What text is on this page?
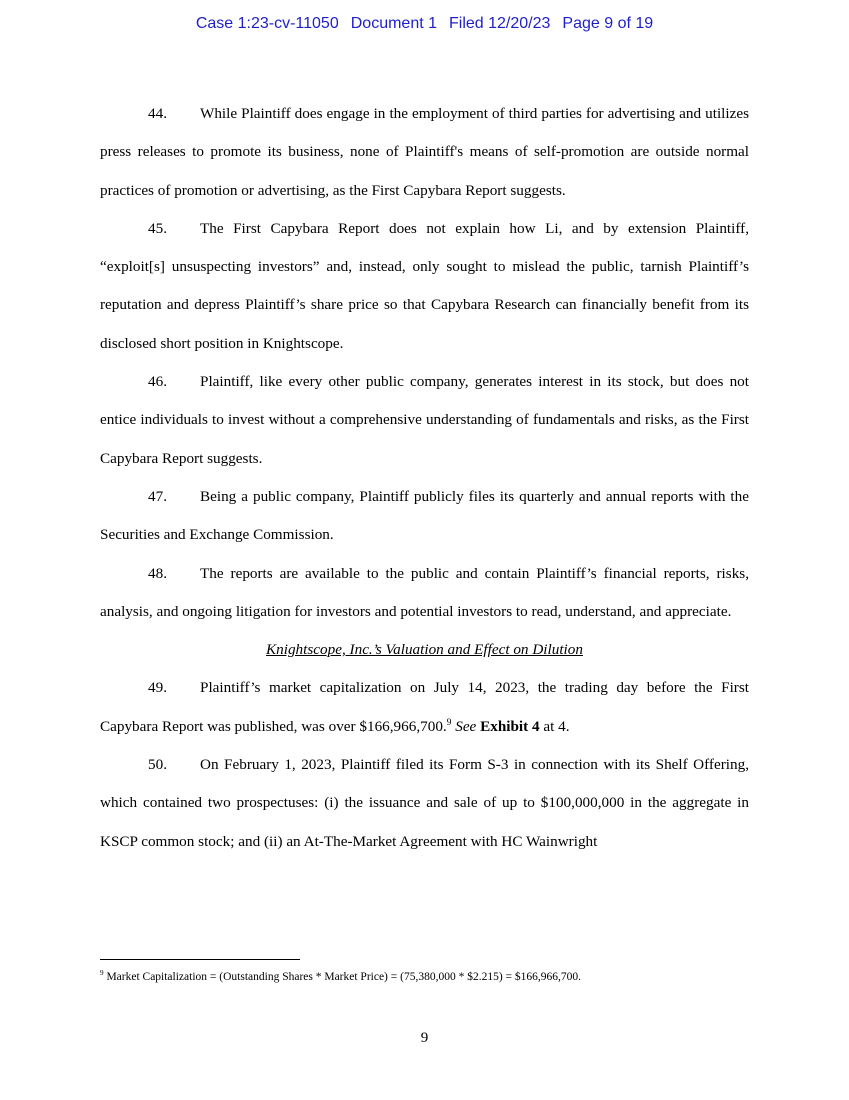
Case 1:23-cv-11050 Document 1 Filed 12/20/23 Page 9 of 19

44. While Plaintiff does engage in the employment of third parties for advertising and utilizes press releases to promote its business, none of Plaintiff's means of self-promotion are outside normal practices of promotion or advertising, as the First Capybara Report suggests.

45. The First Capybara Report does not explain how Li, and by extension Plaintiff, “exploit[s] unsuspecting investors” and, instead, only sought to mislead the public, tarnish Plaintiff’s reputation and depress Plaintiff’s share price so that Capybara Research can financially benefit from its disclosed short position in Knightscope.

46. Plaintiff, like every other public company, generates interest in its stock, but does not entice individuals to invest without a comprehensive understanding of fundamentals and risks, as the First Capybara Report suggests.

47. Being a public company, Plaintiff publicly files its quarterly and annual reports with the Securities and Exchange Commission.

48. The reports are available to the public and contain Plaintiff’s financial reports, risks, analysis, and ongoing litigation for investors and potential investors to read, understand, and appreciate.

Knightscope, Inc.’s Valuation and Effect on Dilution

49. Plaintiff’s market capitalization on July 14, 2023, the trading day before the First Capybara Report was published, was over $166,966,700.$^9$ See Exhibit 4 at 4.

50. On February 1, 2023, Plaintiff filed its Form S-3 in connection with its Shelf Offering, which contained two prospectuses: (i) the issuance and sale of up to $100,000,000 in the aggregate in KSCP common stock; and (ii) an At-The-Market Agreement with HC Wainwright

$^9$ Market Capitalization = (Outstanding Shares * Market Price) = (75,380,000 * $2.215) = $166,966,700.
9
